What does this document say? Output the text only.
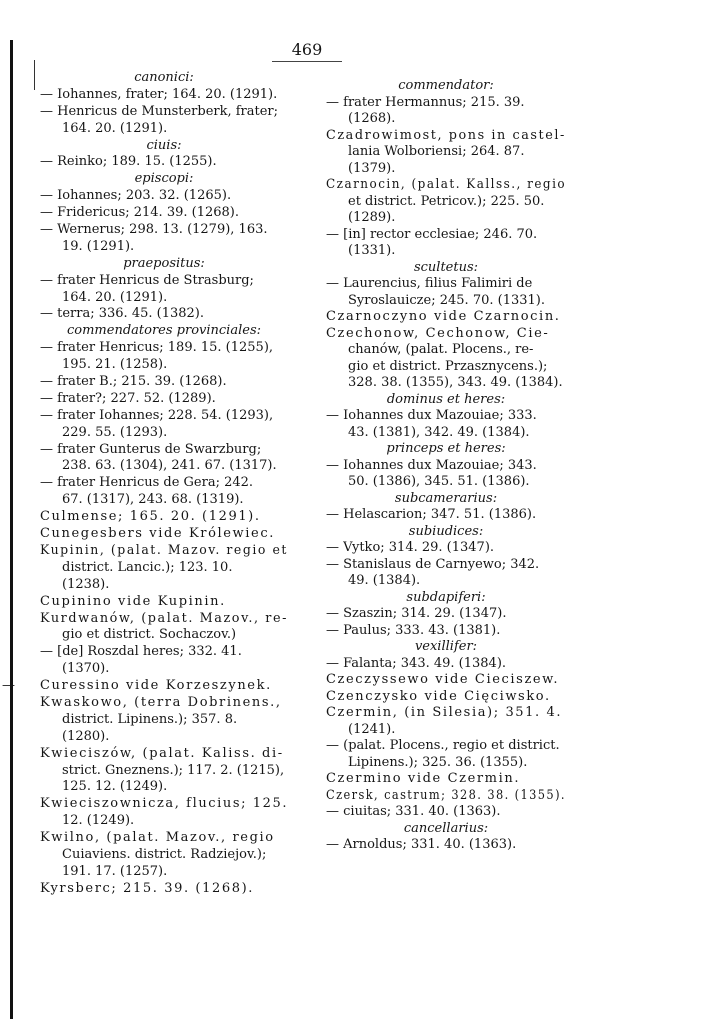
469
canonici:
— Iohannes, frater; 164. 20. (1291).
— Henricus de Munsterberk, frater;
164. 20. (1291).
ciuis:
— Reinko; 189. 15. (1255).
episcopi:
— Iohannes; 203. 32. (1265).
— Fridericus; 214. 39. (1268).
— Wernerus; 298. 13. (1279), 163.
19. (1291).
praepositus:
— frater Henricus de Strasburg;
164. 20. (1291).
— terra; 336. 45. (1382).
commendatores provinciales:
— frater Henricus; 189. 15. (1255),
195. 21. (1258).
— frater B.; 215. 39. (1268).
— frater?; 227. 52. (1289).
— frater Iohannes; 228. 54. (1293),
229. 55. (1293).
— frater Gunterus de Swarzburg;
238. 63. (1304), 241. 67. (1317).
— frater Henricus de Gera; 242.
67. (1317), 243. 68. (1319).
Culmense; 165. 20. (1291).
Cunegesbers vide Królewiec.
Kupinin, (palat. Mazov. regio et
district. Lancic.); 123. 10.
(1238).
Cupinino vide Kupinin.
Kurdwanów, (palat. Mazov., re-
gio et district. Sochaczov.)
— [de] Roszdal heres; 332. 41.
(1370).
— Curessino vide Korzeszynek.
Kwaskowo, (terra Dobrinens.,
district. Lipinens.); 357. 8.
(1280).
Kwieciszów, (palat. Kaliss. di-
strict. Gneznens.); 117. 2. (1215),
125. 12. (1249).
Kwieciszownicza, flucius; 125.
12. (1249).
Kwilno, (palat. Mazov., regio
Cuiaviens. district. Radziejov.);
191. 17. (1257).
Kyrsberc; 215. 39. (1268).
commendator:
— frater Hermannus; 215. 39.
(1268).
Czadrowimost, pons in castel-
lania Wolboriensi; 264. 87.
(1379).
Czarnocin, (palat. Kallss., regio
et district. Petricov.); 225. 50.
(1289).
— [in] rector ecclesiae; 246. 70.
(1331).
scultetus:
— Laurencius, filius Falimiri de
Syroslauicze; 245. 70. (1331).
Czarnoczyno vide Czarnocin.
Czechonow, Cechonow, Cie-
chanów, (palat. Plocens., re-
gio et district. Przasznycens.);
328. 38. (1355), 343. 49. (1384).
dominus et heres:
— Iohannes dux Mazouiae; 333.
43. (1381), 342. 49. (1384).
princeps et heres:
— Iohannes dux Mazouiae; 343.
50. (1386), 345. 51. (1386).
subcamerarius:
— Helascarion; 347. 51. (1386).
subiudices:
— Vytko; 314. 29. (1347).
— Stanislaus de Carnyewo; 342.
49. (1384).
subdapiferi:
— Szaszin; 314. 29. (1347).
— Paulus; 333. 43. (1381).
vexillifer:
— Falanta; 343. 49. (1384).
Czeczyssewo vide Cieciszew.
Czenczysko vide Cięciwsko.
Czermin, (in Silesia); 351. 4.
(1241).
— (palat. Plocens., regio et district.
Lipinens.); 325. 36. (1355).
Czermino vide Czermin.
Czersk, castrum; 328. 38. (1355).
— ciuitas; 331. 40. (1363).
cancellarius:
— Arnoldus; 331. 40. (1363).
